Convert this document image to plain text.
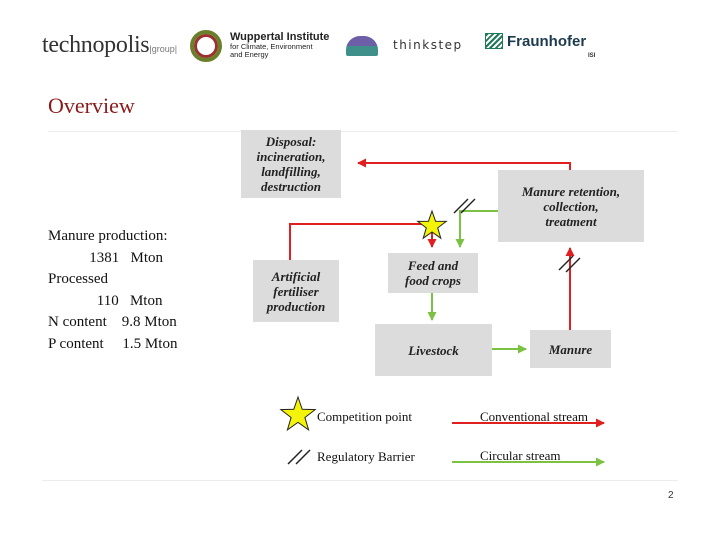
technopolis|group|
Wuppertal Institute
for Climate, Environment
and Energy
thinkstep	Fraunhofer
ISI
Overview
Manure production:
1381   Mton
Processed
110   Mton
N content    9.8 Mton
P content     1.5 Mton
Disposal:
incineration,
landfilling,
destruction	Manure retention,
collection,
treatment
Feed and
food crops
Artificial
fertiliser
production
Livestock	Manure
Competition point
Regulatory Barrier
Conventional stream
Circular stream
2
